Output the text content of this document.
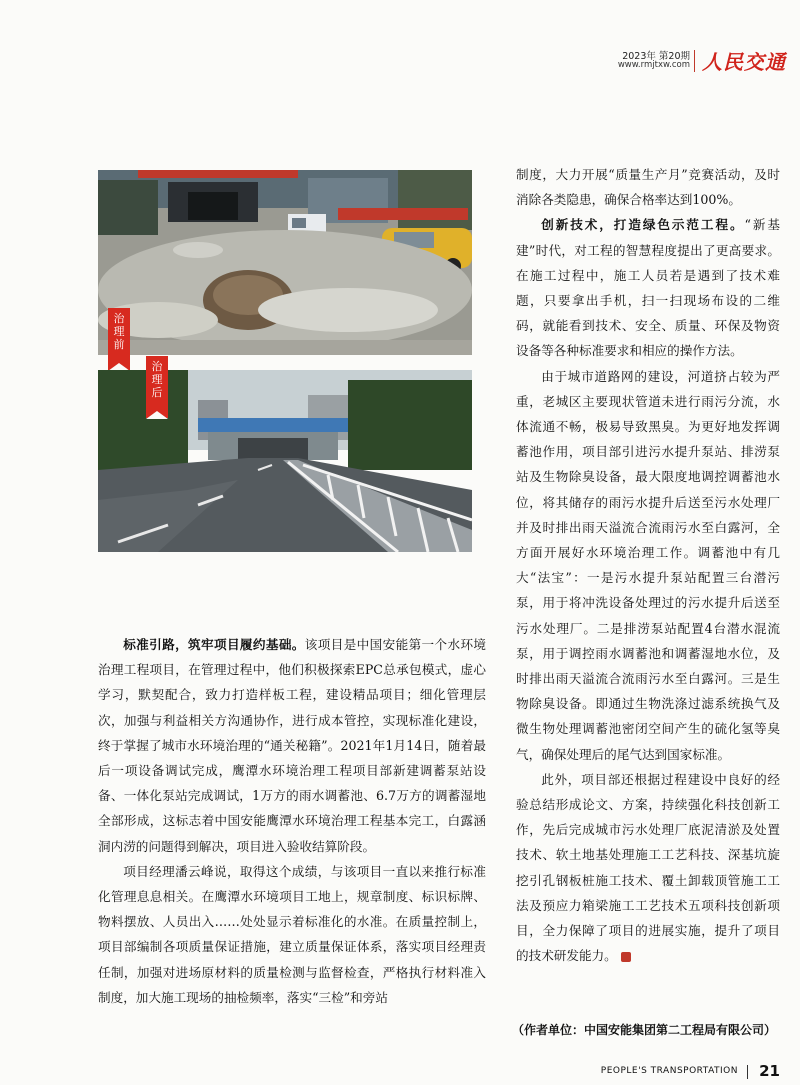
2023年 第20期
www.rmjtxw.com 人民交通
治
理
前
治
理
后

制度，大力开展“质量生产月”竞赛活动，及时消除各类隐患，确保合格率达到100%。

创新技术，打造绿色示范工程。“新基建”时代，对工程的智慧程度提出了更高要求。在施工过程中，施工人员若是遇到了技术难题，只要拿出手机，扫一扫现场布设的二维码，就能看到技术、安全、质量、环保及物资设备等各种标准要求和相应的操作方法。

由于城市道路网的建设，河道挤占较为严重，老城区主要现状管道未进行雨污分流，水体流通不畅，极易导致黑臭。为更好地发挥调蓄池作用，项目部引进污水提升泵站、排涝泵站及生物除臭设备，最大限度地调控调蓄池水位，将其储存的雨污水提升后送至污水处理厂并及时排出雨天溢流合流雨污水至白露河，全方面开展好水环境治理工作。调蓄池中有几大“法宝”：一是污水提升泵站配置三台潜污泵，用于将冲洗设备处理过的污水提升后送至污水处理厂。二是排涝泵站配置4台潜水混流泵，用于调控雨水调蓄池和调蓄湿地水位，及时排出雨天溢流合流雨污水至白露河。三是生物除臭设备。即通过生物洗涤过滤系统换气及微生物处理调蓄池密闭空间产生的硫化氢等臭气，确保处理后的尾气达到国家标准。

此外，项目部还根据过程建设中良好的经验总结形成论文、方案，持续强化科技创新工作，先后完成城市污水处理厂底泥清淤及处置技术、软土地基处理施工工艺科技、深基坑旋挖引孔钢板桩施工技术、覆土卸载顶管施工工法及预应力箱梁施工工艺技术五项科技创新项目，全力保障了项目的进展实施，提升了项目的技术研发能力。

标准引路，筑牢项目履约基础。该项目是中国安能第一个水环境治理工程项目，在管理过程中，他们积极探索EPC总承包模式，虚心学习，默契配合，致力打造样板工程，建设精品项目；细化管理层次，加强与利益相关方沟通协作，进行成本管控，实现标准化建设，终于掌握了城市水环境治理的“通关秘籍”。2021年1月14日，随着最后一项设备调试完成，鹰潭水环境治理工程项目部新建调蓄泵站设备、一体化泵站完成调试，1万方的雨水调蓄池、6.7万方的调蓄湿地全部形成，这标志着中国安能鹰潭水环境治理工程基本完工，白露涵洞内涝的问题得到解决，项目进入验收结算阶段。

项目经理潘云峰说，取得这个成绩，与该项目一直以来推行标准化管理息息相关。在鹰潭水环境项目工地上，规章制度、标识标牌、物料摆放、人员出入……处处显示着标准化的水准。在质量控制上，项目部编制各项质量保证措施，建立质量保证体系，落实项目经理责任制，加强对进场原材料的质量检测与监督检查，严格执行材料准入制度，加大施工现场的抽检频率，落实“三检”和旁站

（作者单位：中国安能集团第二工程局有限公司）
PEOPLE'S TRANSPORTATION 21
